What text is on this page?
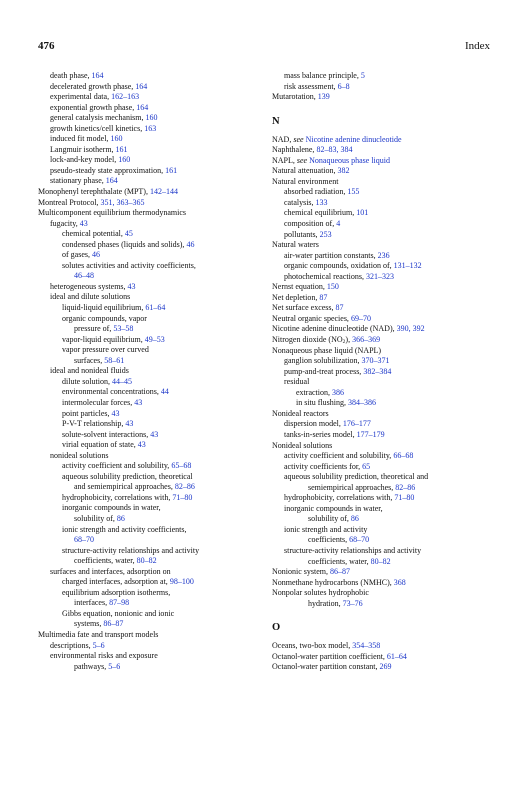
476	Index
death phase, 164
decelerated growth phase, 164
experimental data, 162–163
exponential growth phase, 164
general catalysis mechanism, 160
growth kinetics/cell kinetics, 163
induced fit model, 160
Langmuir isotherm, 161
lock-and-key model, 160
pseudo-steady state approximation, 161
stationary phase, 164
Monophenyl terephthalate (MPT), 142–144
Montreal Protocol, 351, 363–365
Multicomponent equilibrium thermodynamics
fugacity, 43
chemical potential, 45
condensed phases (liquids and solids), 46
of gases, 46
solutes activities and activity coefficients,
46–48
heterogeneous systems, 43
ideal and dilute solutions
liquid-liquid equilibrium, 61–64
organic compounds, vapor
pressure of, 53–58
vapor-liquid equilibrium, 49–53
vapor pressure over curved
surfaces, 58–61
ideal and nonideal fluids
dilute solution, 44–45
environmental concentrations, 44
intermolecular forces, 43
point particles, 43
P-V-T relationship, 43
solute-solvent interactions, 43
virial equation of state, 43
nonideal solutions
activity coefficient and solubility, 65–68
aqueous solubility prediction, theoretical
and semiempirical approaches, 82–86
hydrophobicity, correlations with, 71–80
inorganic compounds in water,
solubility of, 86
ionic strength and activity coefficients,
68–70
structure-activity relationships and activity
coefficients, water, 80–82
surfaces and interfaces, adsorption on
charged interfaces, adsorption at, 98–100
equilibrium adsorption isotherms,
interfaces, 87–98
Gibbs equation, nonionic and ionic
systems, 86–87
Multimedia fate and transport models
descriptions, 5–6
environmental risks and exposure
pathways, 5–6
mass balance principle, 5
risk assessment, 6–8
Mutarotation, 139
N
NAD, see Nicotine adenine dinucleotide
Naphthalene, 82–83, 384
NAPL, see Nonaqueous phase liquid
Natural attenuation, 382
Natural environment
absorbed radiation, 155
catalysis, 133
chemical equilibrium, 101
composition of, 4
pollutants, 253
Natural waters
air-water partition constants, 236
organic compounds, oxidation of, 131–132
photochemical reactions, 321–323
Nernst equation, 150
Net depletion, 87
Net surface excess, 87
Neutral organic species, 69–70
Nicotine adenine dinucleotide (NAD), 390, 392
Nitrogen dioxide $(NO_2)$, 366–369
Nonaqueous phase liquid (NAPL)
ganglion solubilization, 370–371
pump-and-treat process, 382–384
residual
extraction, 386
in situ flushing, 384–386
Nonideal reactors
dispersion model, 176–177
tanks-in-series model, 177–179
Nonideal solutions
activity coefficient and solubility, 66–68
activity coefficients for, 65
aqueous solubility prediction, theoretical and
semiempirical approaches, 82–86
hydrophobicity, correlations with, 71–80
inorganic compounds in water,
solubility of, 86
ionic strength and activity
coefficients, 68–70
structure-activity relationships and activity
coefficients, water, 80–82
Nonionic system, 86–87
Nonmethane hydrocarbons (NMHC), 368
Nonpolar solutes hydrophobic
hydration, 73–76
O
Oceans, two-box model, 354–358
Octanol-water partition coefficient, 61–64
Octanol-water partition constant, 269
